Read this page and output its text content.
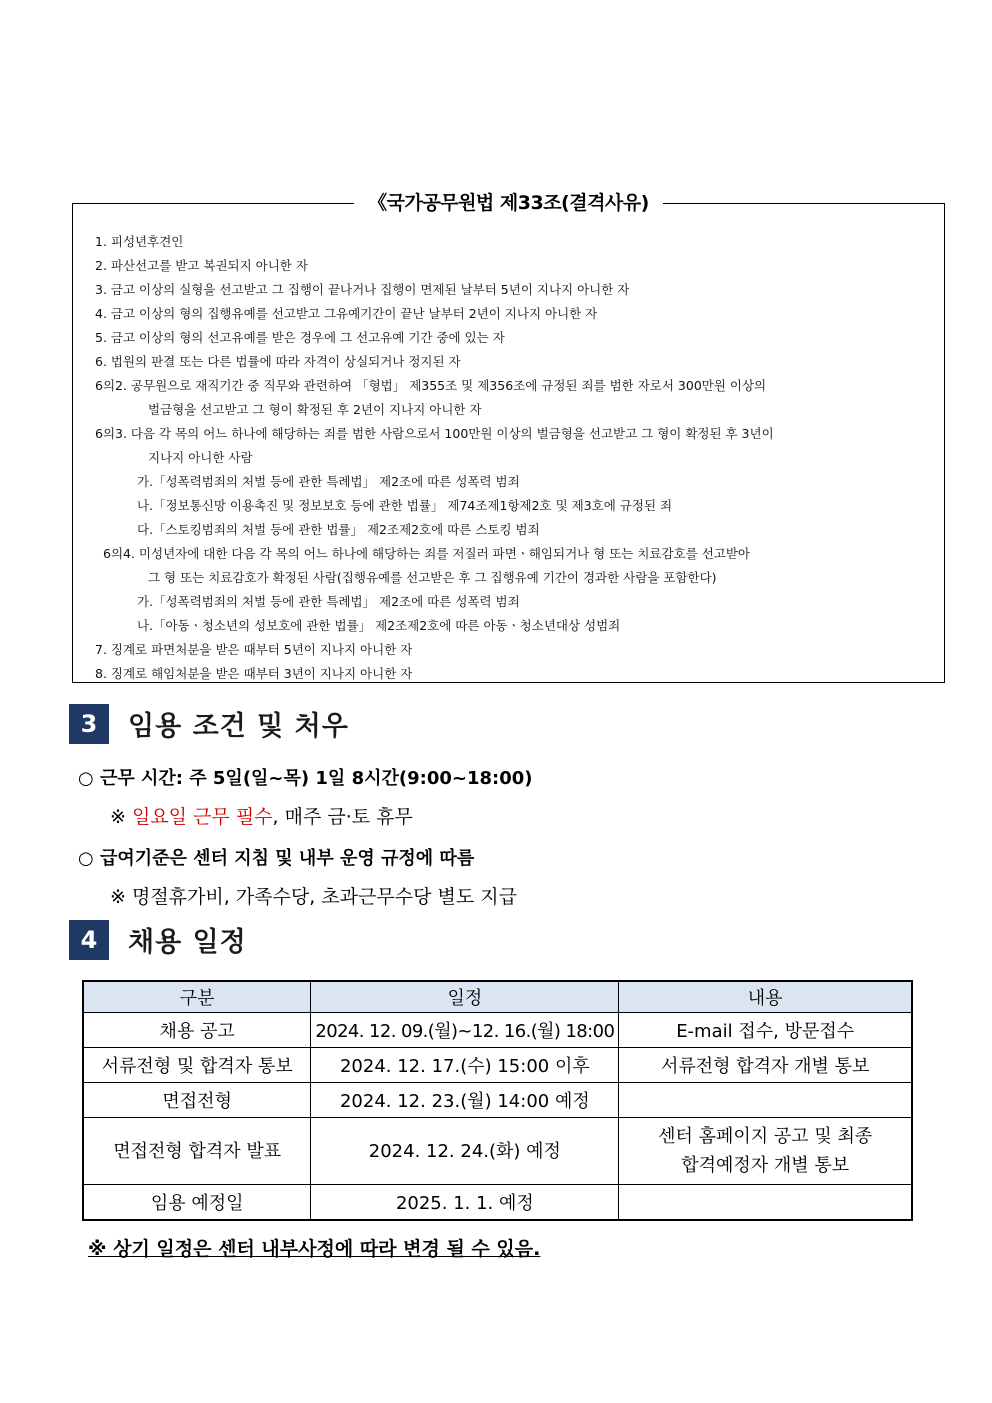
《국가공무원법 제33조(결격사유)
1. 피성년후견인
2. 파산선고를 받고 복권되지 아니한 자
3. 금고 이상의 실형을 선고받고 그 집행이 끝나거나 집행이 면제된 날부터 5년이 지나지 아니한 자
4. 금고 이상의 형의 집행유예를 선고받고 그유예기간이 끝난 날부터 2년이 지나지 아니한 자
5. 금고 이상의 형의 선고유예를 받은 경우에 그 선고유예 기간 중에 있는 자
6. 법원의 판결 또는 다른 법률에 따라 자격이 상실되거나 정지된 자
6의2. 공무원으로 재직기간 중 직무와 관련하여 「형법」 제355조 및 제356조에 규정된 죄를 범한 자로서 300만원 이상의
벌금형을 선고받고 그 형이 확정된 후 2년이 지나지 아니한 자
6의3. 다음 각 목의 어느 하나에 해당하는 죄를 범한 사람으로서 100만원 이상의 벌금형을 선고받고 그 형이 확정된 후 3년이
지나지 아니한 사람
가.「성폭력범죄의 처벌 등에 관한 특례법」 제2조에 따른 성폭력 범죄
나.「정보통신망 이용촉진 및 정보보호 등에 관한 법률」 제74조제1항제2호 및 제3호에 규정된 죄
다.「스토킹범죄의 처벌 등에 관한 법률」 제2조제2호에 따른 스토킹 범죄
6의4. 미성년자에 대한 다음 각 목의 어느 하나에 해당하는 죄를 저질러 파면ㆍ해임되거나 형 또는 치료감호를 선고받아
그 형 또는 치료감호가 확정된 사람(집행유예를 선고받은 후 그 집행유예 기간이 경과한 사람을 포함한다)
가.「성폭력범죄의 처벌 등에 관한 특례법」 제2조에 따른 성폭력 범죄
나.「아동ㆍ청소년의 성보호에 관한 법률」 제2조제2호에 따른 아동ㆍ청소년대상 성범죄
7. 징계로 파면처분을 받은 때부터 5년이 지나지 아니한 자
8. 징계로 해임처분을 받은 때부터 3년이 지나지 아니한 자
3	임용 조건 및 처우
○ 근무 시간: 주 5일(일~목) 1일 8시간(9:00~18:00)
※ 일요일 근무 필수, 매주 금·토 휴무
○ 급여기준은 센터 지침 및 내부 운영 규정에 따름
※ 명절휴가비, 가족수당, 초과근무수당 별도 지급
4	채용 일정
구분	일정	내용
채용 공고	2024. 12. 09.(월)~12. 16.(월) 18:00	E-mail 접수, 방문접수
서류전형 및 합격자 통보	2024. 12. 17.(수) 15:00 이후	서류전형 합격자 개별 통보
면접전형	2024. 12. 23.(월) 14:00 예정	
면접전형 합격자 발표	2024. 12. 24.(화) 예정	센터 홈페이지 공고 및 최종
합격예정자 개별 통보

임용 예정일	2025. 1. 1. 예정	
※ 상기 일정은 센터 내부사정에 따라 변경 될 수 있음.
